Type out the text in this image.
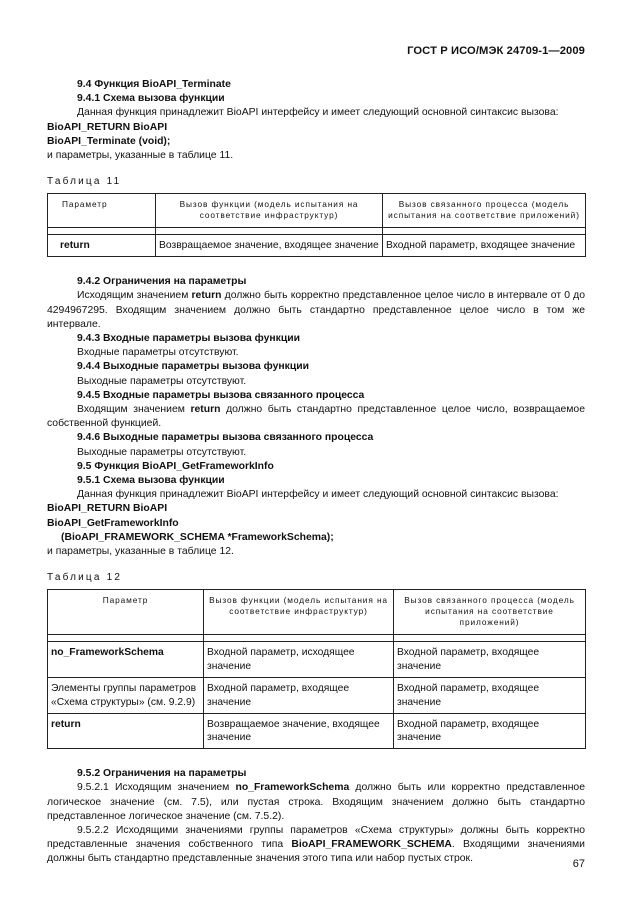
ГОСТ Р ИСО/МЭК 24709-1—2009

9.4 Функция BioAPI_Terminate

9.4.1 Схема вызова функции

Данная функция принадлежит BioAPI интерфейсу и имеет следующий основной синтаксис вызова:

BioAPI_RETURN BioAPI

BioAPI_Terminate (void);

и параметры, указанные в таблице 11.

Таблица 11

Параметр	Вызов функции (модель испытания на соответствие инфраструктур)	Вызов связанного процесса (модель испытания на соответствие приложений)

return	Возвращаемое значение, входящее значение	Входной параметр, входящее значение

9.4.2 Ограничения на параметры

Исходящим значением return должно быть корректно представленное целое число в интервале от 0 до 4294967295. Входящим значением должно быть стандартно представленное целое число в том же интервале.

9.4.3 Входные параметры вызова функции

Входные параметры отсутствуют.

9.4.4 Выходные параметры вызова функции

Выходные параметры отсутствуют.

9.4.5 Входные параметры вызова связанного процесса

Входящим значением return должно быть стандартно представленное целое число, возвращаемое собственной функцией.

9.4.6 Выходные параметры вызова связанного процесса

Выходные параметры отсутствуют.

9.5 Функция BioAPI_GetFrameworkInfo

9.5.1 Схема вызова функции

Данная функция принадлежит BioAPI интерфейсу и имеет следующий основной синтаксис вызова:

BioAPI_RETURN BioAPI

BioAPI_GetFrameworkInfo

(BioAPI_FRAMEWORK_SCHEMA *FrameworkSchema);

и параметры, указанные в таблице 12.

Таблица 12

Параметр	Вызов функции (модель испытания на соответствие инфраструктур)	Вызов связанного процесса (модель испытания на соответствие приложений)

no_FrameworkSchema	Входной параметр, исходящее значение	Входной параметр, входящее значение
Элементы группы параметров «Схема структуры» (см. 9.2.9)	Входной параметр, входящее значение	Входной параметр, входящее значение
return	Возвращаемое значение, входящее значение	Входной параметр, входящее значение

9.5.2 Ограничения на параметры

9.5.2.1 Исходящим значением no_FrameworkSchema должно быть или корректно представленное логическое значение (см. 7.5), или пустая строка. Входящим значением должно быть стандартно представленное логическое значение (см. 7.5.2).

9.5.2.2 Исходящими значениями группы параметров «Схема структуры» должны быть корректно представленные значения собственного типа BioAPI_FRAMEWORK_SCHEMA. Входящими значениями должны быть стандартно представленные значения этого типа или набор пустых строк.	67
